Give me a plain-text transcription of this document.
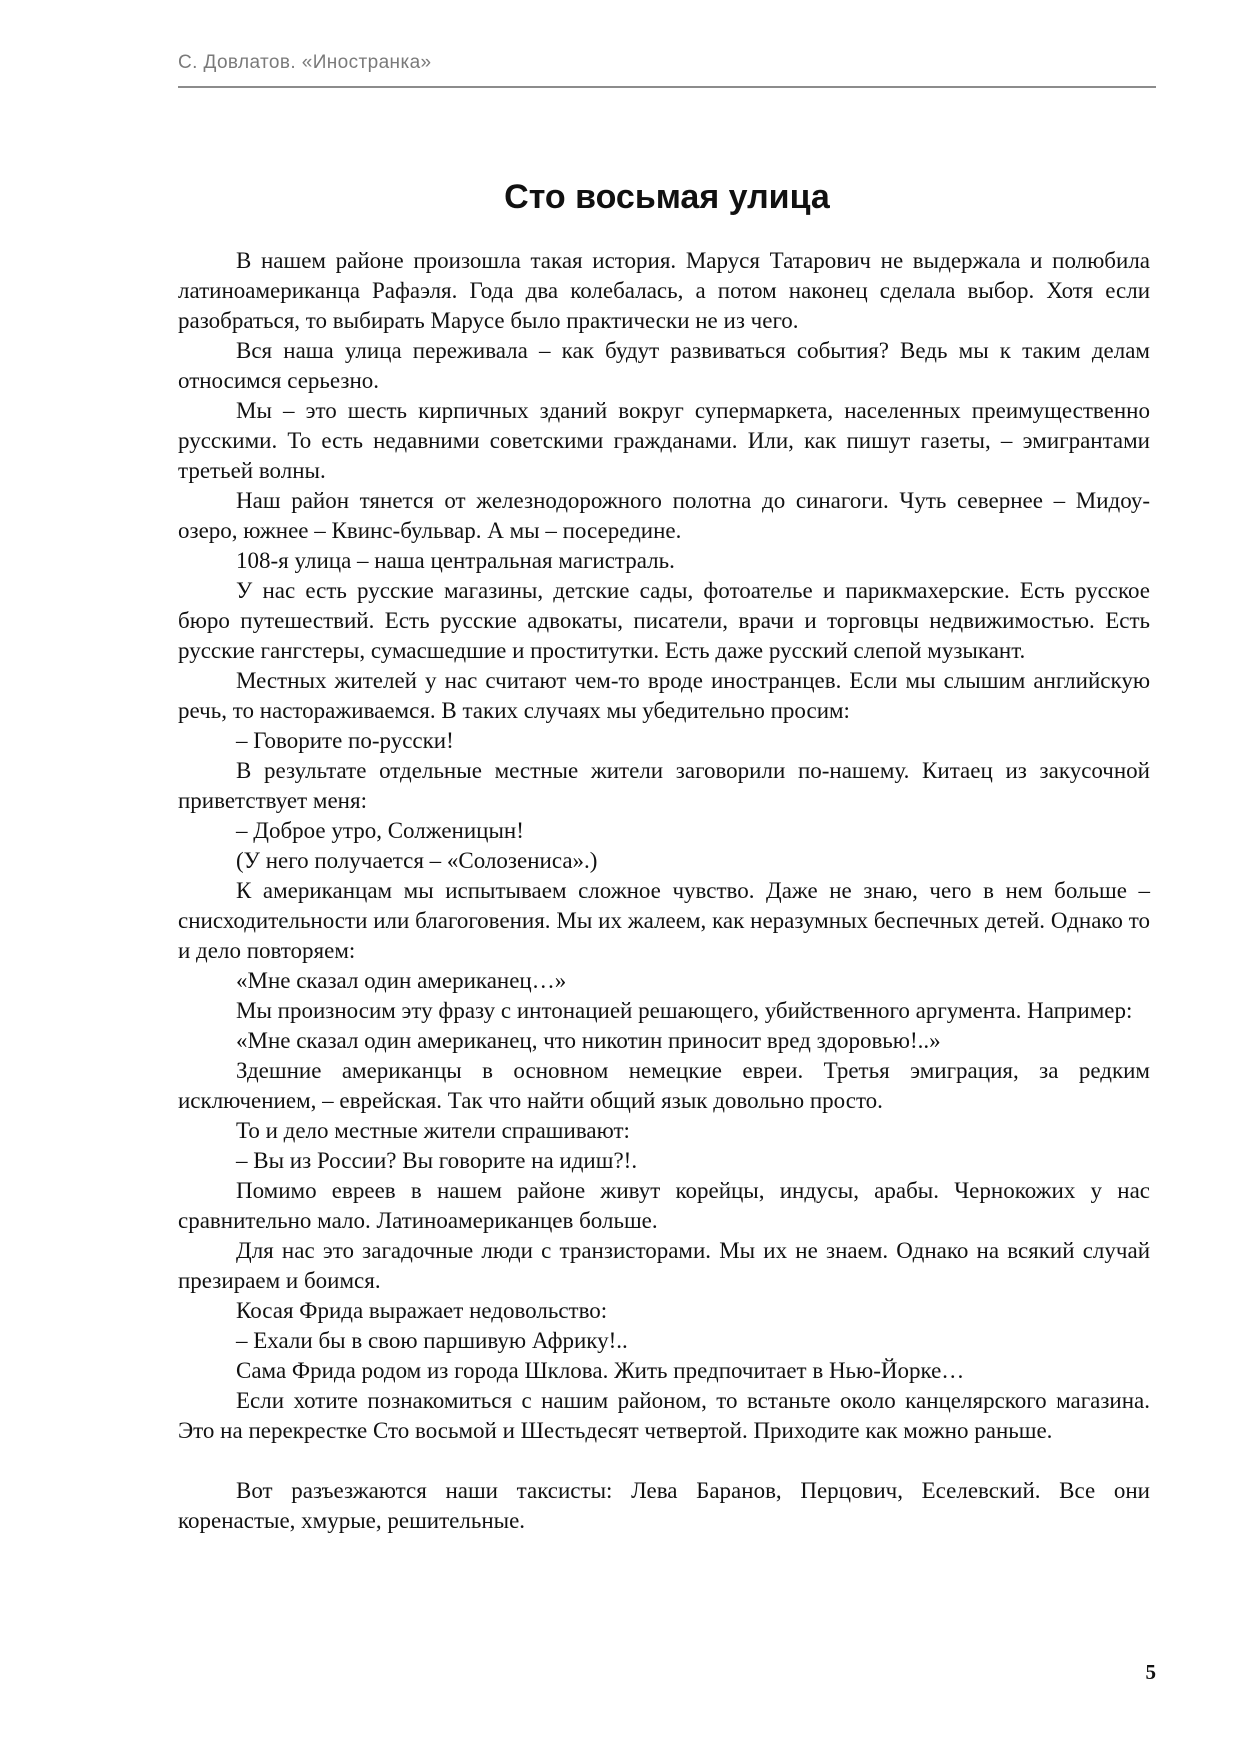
С. Довлатов. «Иностранка»
Сто восьмая улица

В нашем районе произошла такая история. Маруся Татарович не выдержала и полюбила латиноамериканца Рафаэля. Года два колебалась, а потом наконец сделала выбор. Хотя если разобраться, то выбирать Марусе было практически не из чего.

Вся наша улица переживала – как будут развиваться события? Ведь мы к таким делам относимся серьезно.

Мы – это шесть кирпичных зданий вокруг супермаркета, населенных преимущественно русскими. То есть недавними советскими гражданами. Или, как пишут газеты, – эмигрантами третьей волны.

Наш район тянется от железнодорожного полотна до синагоги. Чуть севернее – Мидоу-озеро, южнее – Квинс-бульвар. А мы – посередине.

108-я улица – наша центральная магистраль.

У нас есть русские магазины, детские сады, фотоателье и парикмахерские. Есть русское бюро путешествий. Есть русские адвокаты, писатели, врачи и торговцы недвижимостью. Есть русские гангстеры, сумасшедшие и проститутки. Есть даже русский слепой музыкант.

Местных жителей у нас считают чем-то вроде иностранцев. Если мы слышим английскую речь, то настораживаемся. В таких случаях мы убедительно просим:

– Говорите по-русски!

В результате отдельные местные жители заговорили по-нашему. Китаец из закусочной приветствует меня:

– Доброе утро, Солженицын!

(У него получается – «Солозениса».)

К американцам мы испытываем сложное чувство. Даже не знаю, чего в нем больше – снисходительности или благоговения. Мы их жалеем, как неразумных беспечных детей. Однако то и дело повторяем:

«Мне сказал один американец…»

Мы произносим эту фразу с интонацией решающего, убийственного аргумента. Например:

«Мне сказал один американец, что никотин приносит вред здоровью!..»

Здешние американцы в основном немецкие евреи. Третья эмиграция, за редким исключением, – еврейская. Так что найти общий язык довольно просто.

То и дело местные жители спрашивают:

– Вы из России? Вы говорите на идиш?!.

Помимо евреев в нашем районе живут корейцы, индусы, арабы. Чернокожих у нас сравнительно мало. Латиноамериканцев больше.

Для нас это загадочные люди с транзисторами. Мы их не знаем. Однако на всякий случай презираем и боимся.

Косая Фрида выражает недовольство:

– Ехали бы в свою паршивую Африку!..

Сама Фрида родом из города Шклова. Жить предпочитает в Нью-Йорке…

Если хотите познакомиться с нашим районом, то встаньте около канцелярского магазина. Это на перекрестке Сто восьмой и Шестьдесят четвертой. Приходите как можно раньше.

Вот разъезжаются наши таксисты: Лева Баранов, Перцович, Еселевский. Все они коренастые, хмурые, решительные.

5
